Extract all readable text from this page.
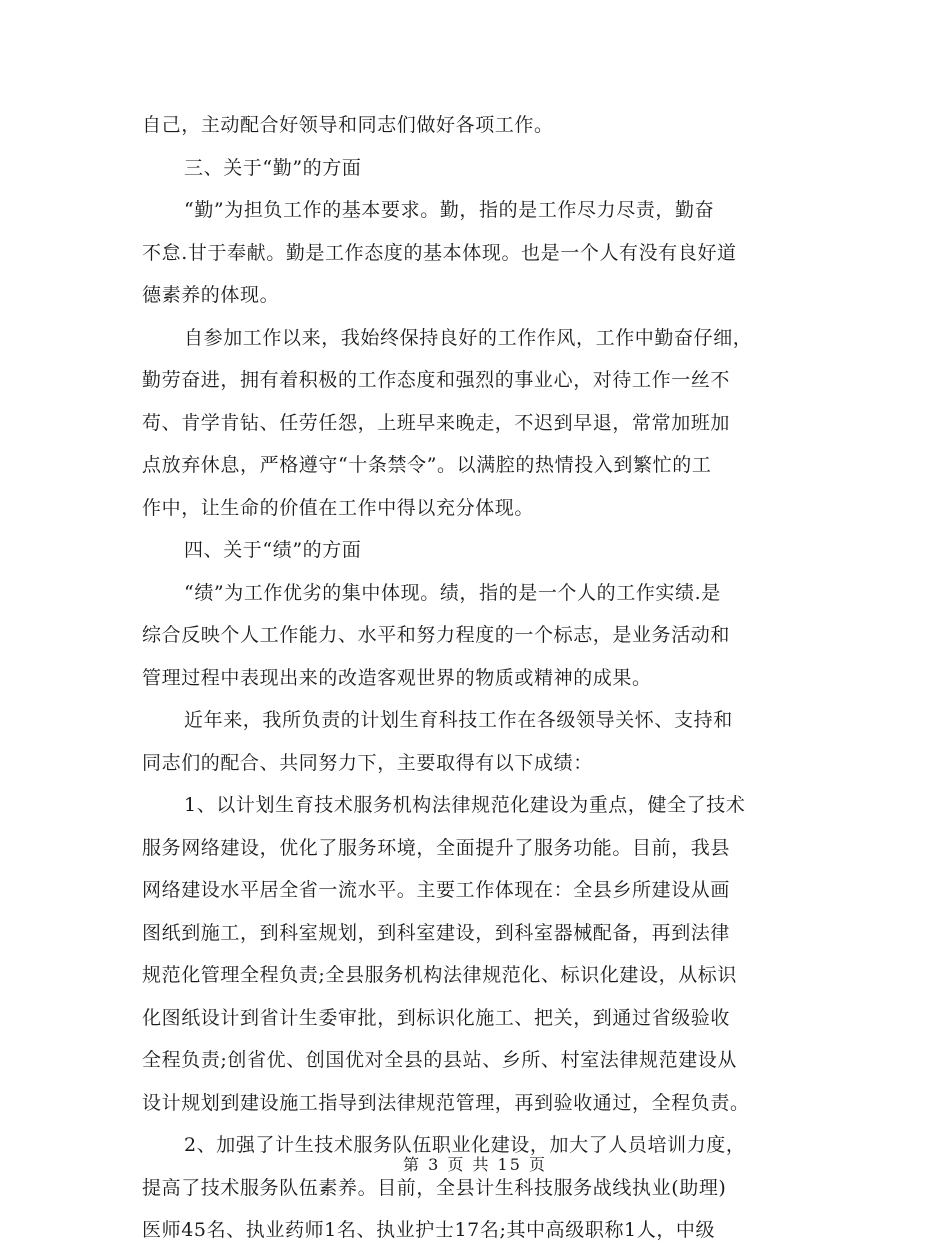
自己，主动配合好领导和同志们做好各项工作。
三、关于“勤”的方面
“勤”为担负工作的基本要求。勤，指的是工作尽力尽责，勤奋
不怠.甘于奉献。勤是工作态度的基本体现。也是一个人有没有良好道
德素养的体现。
自参加工作以来，我始终保持良好的工作作风，工作中勤奋仔细，
勤劳奋进，拥有着积极的工作态度和强烈的事业心，对待工作一丝不
苟、肯学肯钻、任劳任怨，上班早来晚走，不迟到早退，常常加班加
点放弃休息，严格遵守“十条禁令”。以满腔的热情投入到繁忙的工
作中，让生命的价值在工作中得以充分体现。
四、关于“绩”的方面
“绩”为工作优劣的集中体现。绩，指的是一个人的工作实绩.是
综合反映个人工作能力、水平和努力程度的一个标志，是业务活动和
管理过程中表现出来的改造客观世界的物质或精神的成果。
近年来，我所负责的计划生育科技工作在各级领导关怀、支持和
同志们的配合、共同努力下，主要取得有以下成绩：
1、以计划生育技术服务机构法律规范化建设为重点，健全了技术
服务网络建设，优化了服务环境，全面提升了服务功能。目前，我县
网络建设水平居全省一流水平。主要工作体现在：全县乡所建设从画
图纸到施工，到科室规划，到科室建设，到科室器械配备，再到法律
规范化管理全程负责;全县服务机构法律规范化、标识化建设，从标识
化图纸设计到省计生委审批，到标识化施工、把关，到通过省级验收
全程负责;创省优、创国优对全县的县站、乡所、村室法律规范建设从
设计规划到建设施工指导到法律规范管理，再到验收通过，全程负责。
2、加强了计生技术服务队伍职业化建设，加大了人员培训力度，
提高了技术服务队伍素养。目前，全县计生科技服务战线执业(助理)
医师45名、执业药师1名、执业护士17名;其中高级职称1人，中级
第 3 页 共 15 页
